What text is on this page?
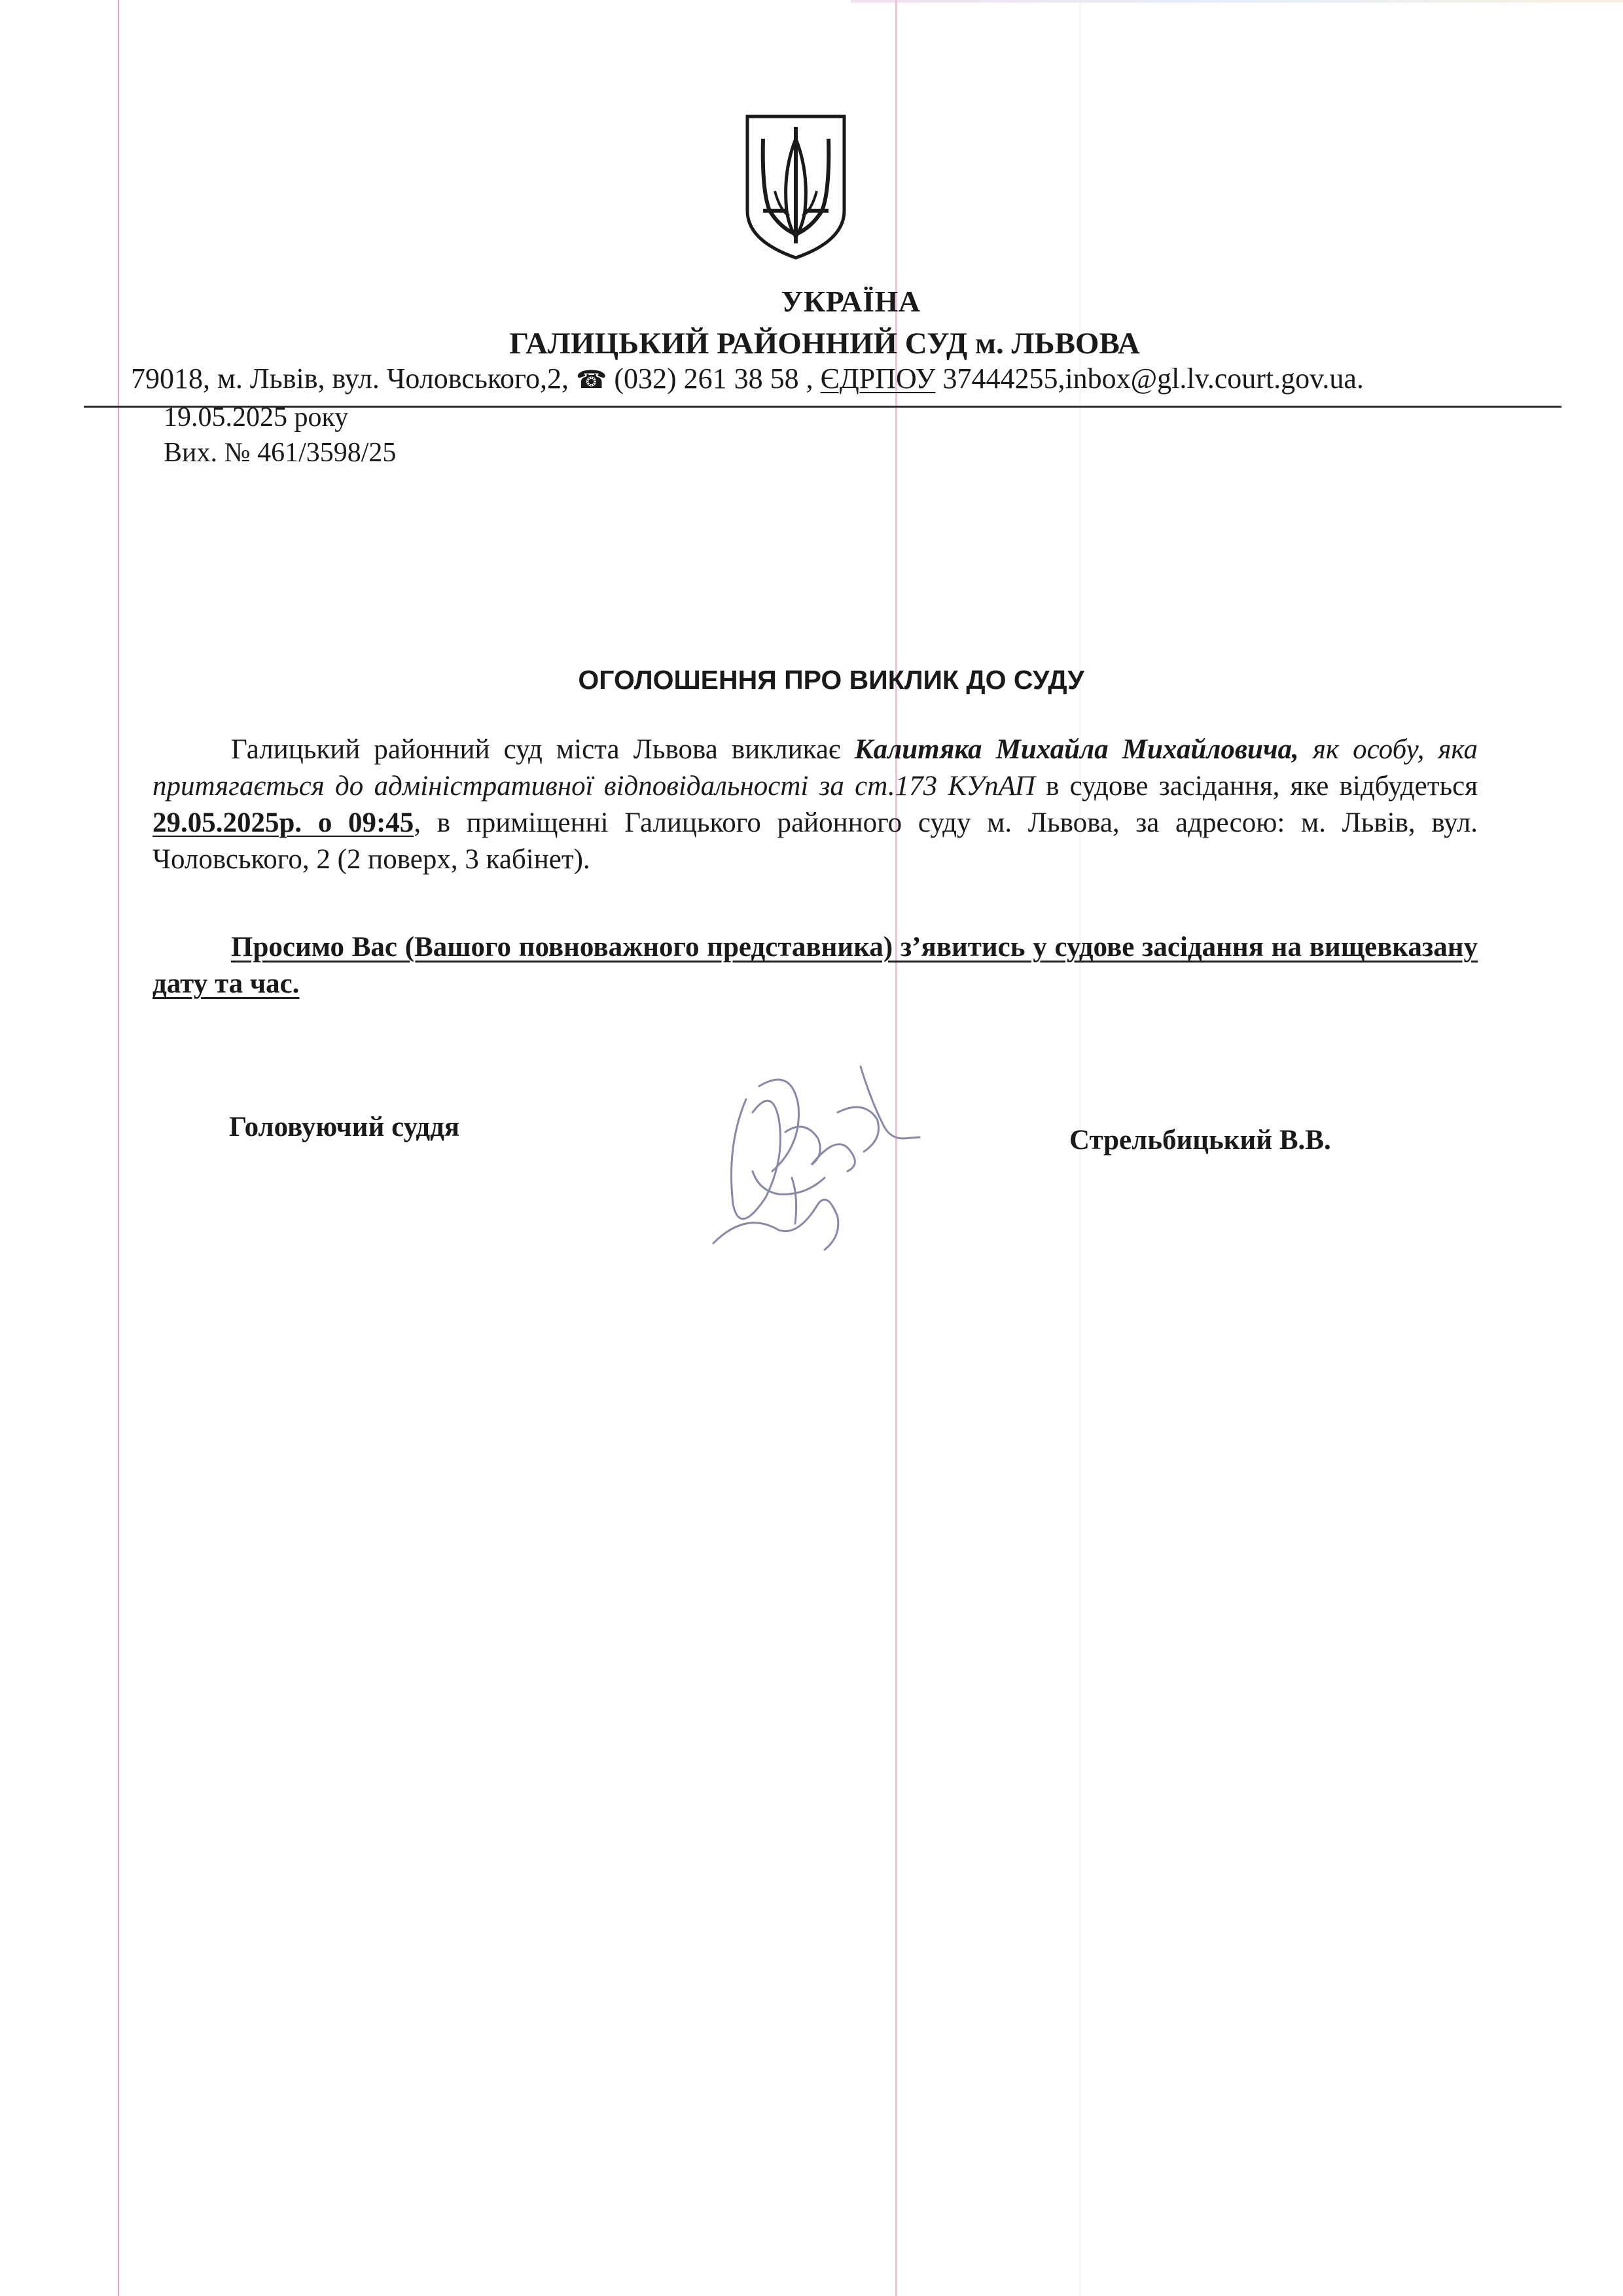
УКРАЇНА
ГАЛИЦЬКИЙ РАЙОННИЙ СУД м. ЛЬВОВА
79018, м. Львів, вул. Чоловського,2, ☎ (032) 261 38 58 , ЄДРПОУ 37444255,inbox@gl.lv.court.gov.ua.
19.05.2025 року
Вих. № 461/3598/25
ОГОЛОШЕННЯ ПРО ВИКЛИК ДО СУДУ
Галицький районний суд міста Львова викликає Калитяка Михайла Михайловича, як особу, яка притягається до адміністративної відповідальності за ст.173 КУпАП в судове засідання, яке відбудеться 29.05.2025р. о 09:45, в приміщенні Галицького районного суду м. Львова, за адресою: м. Львів, вул. Чоловського, 2 (2 поверх, 3 кабінет).
Просимо Вас (Вашого повноважного представника) з’явитись у судове засідання на вищевказану дату та час.
Головуючий суддя	Стрельбицький В.В.
